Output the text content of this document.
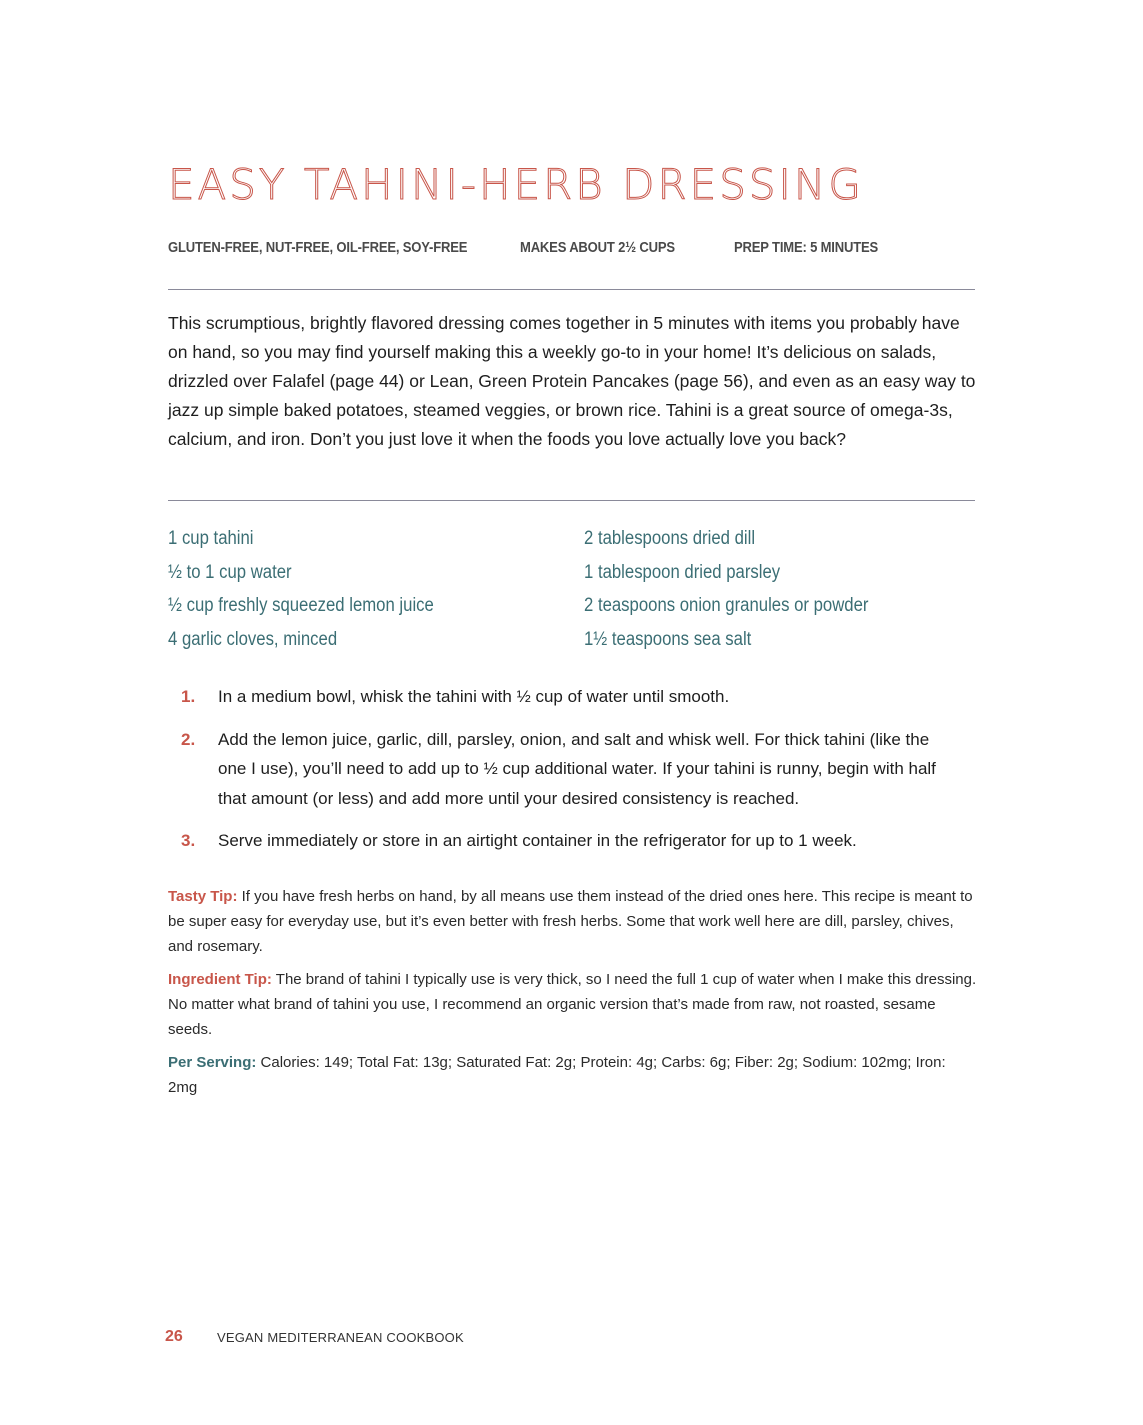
EASY TAHINI-HERB DRESSING
GLUTEN-FREE, NUT-FREE, OIL-FREE, SOY-FREE	MAKES ABOUT 2½ CUPS	PREP TIME: 5 MINUTES

This scrumptious, brightly flavored dressing comes together in 5 minutes with items you probably have on hand, so you may find yourself making this a weekly go-to in your home! It’s delicious on salads, drizzled over Falafel (page 44) or Lean, Green Protein Pancakes (page 56), and even as an easy way to jazz up simple baked potatoes, steamed veggies, or brown rice. Tahini is a great source of omega-3s, calcium, and iron. Don’t you just love it when the foods you love actually love you back?

1 cup tahini
½ to 1 cup water
½ cup freshly squeezed lemon juice
4 garlic cloves, minced
2 tablespoons dried dill
1 tablespoon dried parsley
2 teaspoons onion granules or powder
1½ teaspoons sea salt
1. In a medium bowl, whisk the tahini with ½ cup of water until smooth.
2. Add the lemon juice, garlic, dill, parsley, onion, and salt and whisk well. For thick tahini (like the one I use), you’ll need to add up to ½ cup additional water. If your tahini is runny, begin with half that amount (or less) and add more until your desired consistency is reached.
3. Serve immediately or store in an airtight container in the refrigerator for up to 1 week.

Tasty Tip: If you have fresh herbs on hand, by all means use them instead of the dried ones here. This recipe is meant to be super easy for everyday use, but it’s even better with fresh herbs. Some that work well here are dill, parsley, chives, and rosemary.

Ingredient Tip: The brand of tahini I typically use is very thick, so I need the full 1 cup of water when I make this dressing. No matter what brand of tahini you use, I recommend an organic version that’s made from raw, not roasted, sesame seeds.

Per Serving: Calories: 149; Total Fat: 13g; Saturated Fat: 2g; Protein: 4g; Carbs: 6g; Fiber: 2g; Sodium: 102mg; Iron: 2mg

26	VEGAN MEDITERRANEAN COOKBOOK
